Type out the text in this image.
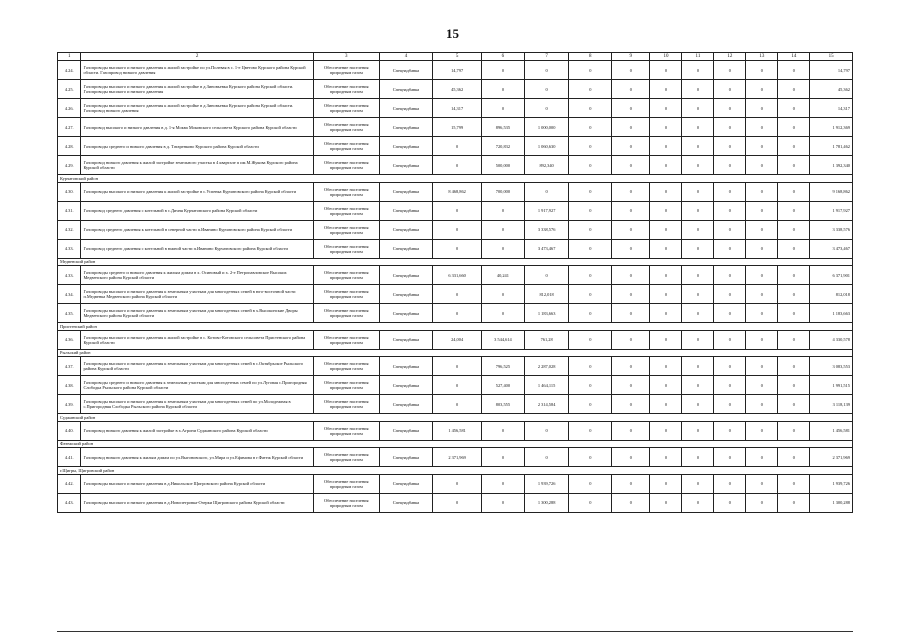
15
1	2	3	4	5	6	7	8	9	10	11	12	13	14	15
4.24.	Газопроводы высокого и низкого давления к жилой застройке по ул.Полевая в с. 1-е Цветово Курского района Курской области. Газопровод низкого давления	Обеспечение населения природным газом	Спецнадбавка	14,797	0	0	0	0	0	0	0	0	0	14,797
4.25.	Газопроводы высокого и низкого давления к жилой застройке в д.Зиновьевка Курского района Курской области. Газопроводы высокого и низкого давления	Обеспечение населения природным газом	Спецнадбавка	45,362	0	0	0	0	0	0	0	0	0	45,362
4.26.	Газопроводы высокого и низкого давления к жилой застройке в д.Зиновьевка Курского района Курской области. Газопровод низкого давления	Обеспечение населения природным газом	Спецнадбавка	14,317	0	0	0	0	0	0	0	0	0	14,317
4.27.	Газопровод высокого и низкого давления в д. 1-я Моква Моковского сельсовета Курского района Курской области	Обеспечение населения природным газом	Спецнадбавка	15,799	896,535	1 000,000	0	0	0	0	0	0	0	1 912,369
4.28.	Газопроводы среднего и низкого давления в д. Татаренково Курского района Курской области	Обеспечение населения природным газом	Спецнадбавка	0	720,832	1 060,630	0	0	0	0	0	0	0	1 781,462
4.29.	Газопровод низкого давления к жилой застройке земельного участка в 4 квартале п им.М.Жукова Курского района Курской области	Обеспечение населения природным газом	Спецнадбавка	0	500,000	892,340	0	0	0	0	0	0	0	1 392,340
Курчатовский район														
4.30.	Газопроводы высокого и низкого давления к жилой застройке в с.Успенка Курчатовского района Курской области	Обеспечение населения природным газом	Спецнадбавка	8 468,862	700,000	0	0	0	0	0	0	0	0	9 168,862
4.31.	Газопровод среднего давления с котельной в с.Дичня Курчатовского района Курской области	Обеспечение населения природным газом	Спецнадбавка	0	0	1 917,927	0	0	0	0	0	0	0	1 917,927
4.32.	Газопровод среднего давления к котельной в северной части п.Иванино Курчатовского района Курской области	Обеспечение населения природным газом	Спецнадбавка	0	0	3 338,576	0	0	0	0	0	0	0	3 338,576
4.33.	Газопровод среднего давления с котельной в южной части п.Иванино Курчатовского района Курской области	Обеспечение населения природным газом	Спецнадбавка	0	0	3 473,467	0	0	0	0	0	0	0	3 473,467
Медвенский район														
4.33.	Газопроводы среднего и низкого давления к жилым домам в х. Осиновый и х. 2-е Петропавловское Высоких Медвенского района Курской области	Обеспечение населения природным газом	Спецнадбавка	6 331,660	40,241	0	0	0	0	0	0	0	0	6 371,901
4.34.	Газопроводы высокого и низкого давления к земельным участкам для многодетных семей в юго-восточной части п.Медвенка Медвенского района Курской области	Обеспечение населения природным газом	Спецнадбавка	0	0	812,018	0	0	0	0	0	0	0	812,018
4.35.	Газопроводы высокого и низкого давления к земельным участкам для многодетных семей в х.Высоконские Дворы Медвенского района Курской области	Обеспечение населения природным газом	Спецнадбавка	0	0	1 183,663	0	0	0	0	0	0	0	1 183,663
Пристенский район														
4.36.	Газопроводы высокого и низкого давления к жилой застройке в с. Котово-Котовского сельсовета Пристенского района Курской области	Обеспечение населения природным газом	Спецнадбавка	24,004	3 544,614	761,28	0	0	0	0	0	0	0	4 330,578
Рыльский район														
4.37.	Газопроводы высокого и низкого давления к земельным участкам для многодетных семей в с.Октябрьское Рыльского района Курской области	Обеспечение населения природным газом	Спецнадбавка	0	796,525	2 287,028	0	0	0	0	0	0	0	3 083,553
4.38.	Газопроводы среднего и низкого давления к земельным участкам для многодетных семей по ул.Луговая с.Пригородняя Слободка Рыльского района Курской области	Обеспечение населения природным газом	Спецнадбавка	0	527,400	1 464,115	0	0	0	0	0	0	0	1 991,515
4.39.	Газопроводы высокого и низкого давления к земельным участкам для многодетных семей по ул.Молодежная в с.Пригородняя Слободка Рыльского района Курской области	Обеспечение населения природным газом	Спецнадбавка	0	803,555	2 314,584	0	0	0	0	0	0	0	3 118,139
Суджанский район														
4.40.	Газопровод низкого давления к жилой застройке в х.Агрони Суджанского района Курской области	Обеспечение населения природным газом	Спецнадбавка	1 456,581	0	0	0	0	0	0	0	0	0	1 456,581
Фатежский район														
4.41.	Газопровод низкого давления к жилым домам по ул.Выгоновского, ул.Мира и ул.Ефимова в г.Фатеж Курской области	Обеспечение населения природным газом	Спецнадбавка	2 371,969	0	0	0	0	0	0	0	0	0	2 371,969
г.Щигры, Щигровский район														
4.42.	Газопроводы высокого и низкого давления в д.Никольское Щигровского района Курской области	Обеспечение населения природным газом	Спецнадбавка	0	0	1 939,726	0	0	0	0	0	0	0	1 939,726
4.43.	Газопроводы высокого и низкого давления в д.Новопетровка-Озерки Щигровского района Курской области	Обеспечение населения природным газом	Спецнадбавка	0	0	1 300,288	0	0	0	0	0	0	0	1 300,288
